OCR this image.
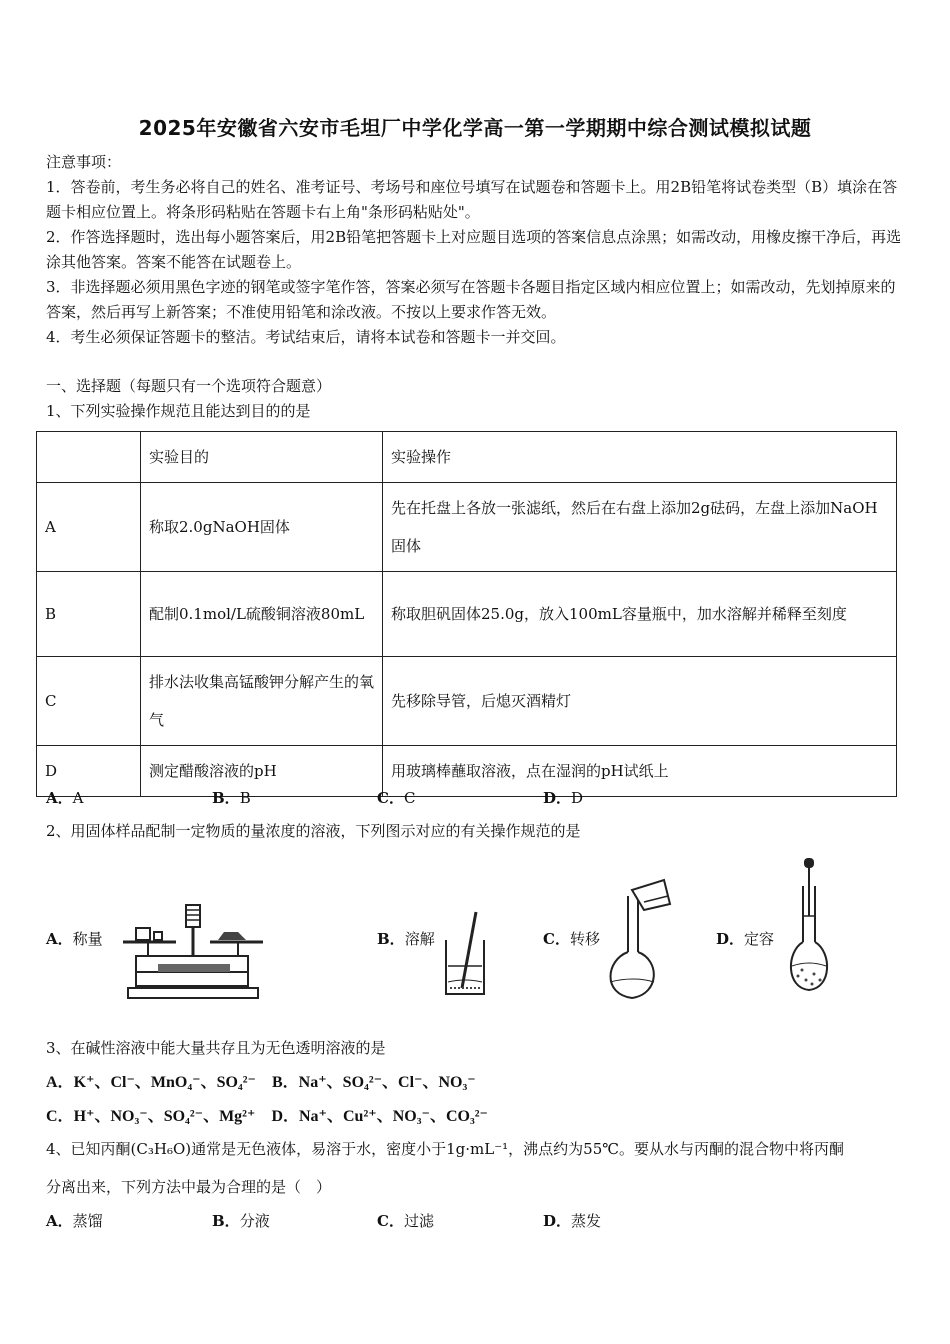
2025年安徽省六安市毛坦厂中学化学高一第一学期期中综合测试模拟试题
注意事项：
1．答卷前，考生务必将自己的姓名、准考证号、考场号和座位号填写在试题卷和答题卡上。用2B铅笔将试卷类型（B）填涂在答题卡相应位置上。将条形码粘贴在答题卡右上角"条形码粘贴处"。
2．作答选择题时，选出每小题答案后，用2B铅笔把答题卡上对应题目选项的答案信息点涂黑；如需改动，用橡皮擦干净后，再选涂其他答案。答案不能答在试题卷上。
3．非选择题必须用黑色字迹的钢笔或签字笔作答，答案必须写在答题卡各题目指定区域内相应位置上；如需改动，先划掉原来的答案，然后再写上新答案；不准使用铅笔和涂改液。不按以上要求作答无效。
4．考生必须保证答题卡的整洁。考试结束后，请将本试卷和答题卡一并交回。
一、选择题（每题只有一个选项符合题意）
1、下列实验操作规范且能达到目的的是
	实验目的	实验操作
A	称取2.0gNaOH固体	先在托盘上各放一张滤纸，然后在右盘上添加2g砝码，左盘上添加NaOH固体
B	配制0.1mol/L硫酸铜溶液80mL	称取胆矾固体25.0g，放入100mL容量瓶中，加水溶解并稀释至刻度
C	排水法收集高锰酸钾分解产生的氧气	先移除导管，后熄灭酒精灯
D	测定醋酸溶液的pH	用玻璃棒蘸取溶液，点在湿润的pH试纸上
A．A	B．B	C．C	D．D
2、用固体样品配制一定物质的量浓度的溶液，下列图示对应的有关操作规范的是
A．称量	B．溶解	C．转移	D．定容
3、在碱性溶液中能大量共存且为无色透明溶液的是
A．K⁺、Cl⁻、MnO₄⁻、SO₄²⁻ B．Na⁺、SO₄²⁻、Cl⁻、NO₃⁻
C．H⁺、NO₃⁻、SO₄²⁻、Mg²⁺ D．Na⁺、Cu²⁺、NO₃⁻、CO₃²⁻
4、已知丙酮(C₃H₆O)通常是无色液体，易溶于水，密度小于1g·mL⁻¹，沸点约为55℃。要从水与丙酮的混合物中将丙酮
分离出来，下列方法中最为合理的是（　）
A．蒸馏	B．分液	C．过滤	D．蒸发
